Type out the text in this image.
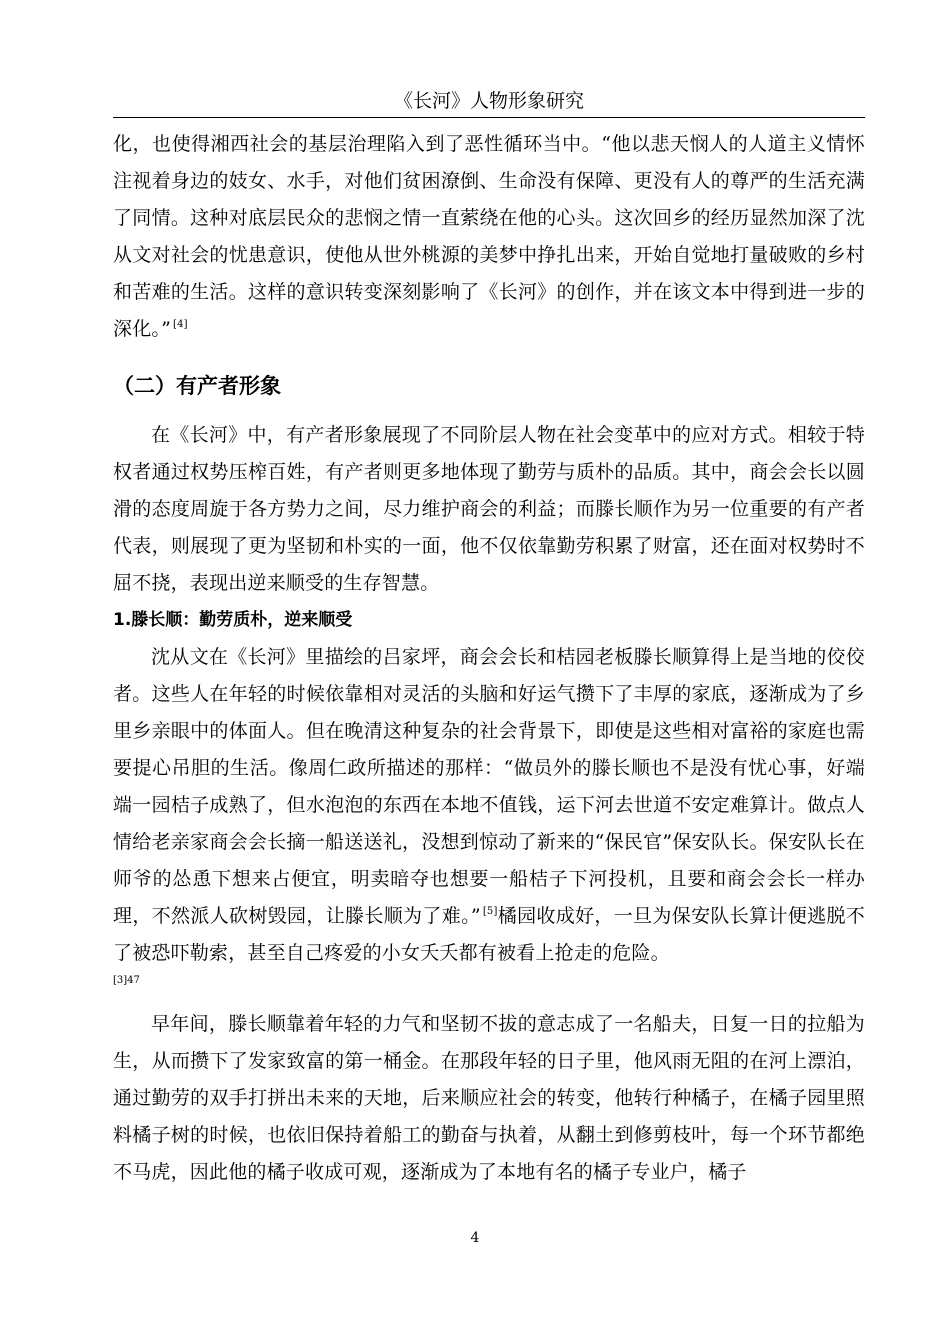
《长河》人物形象研究

化，也使得湘西社会的基层治理陷入到了恶性循环当中。“他以悲天悯人的人道主义情怀注视着身边的妓女、水手，对他们贫困潦倒、生命没有保障、更没有人的尊严的生活充满了同情。这种对底层民众的悲悯之情一直萦绕在他的心头。这次回乡的经历显然加深了沈从文对社会的忧患意识，使他从世外桃源的美梦中挣扎出来，开始自觉地打量破败的乡村和苦难的生活。这样的意识转变深刻影响了《长河》的创作，并在该文本中得到进一步的深化。” [4]

（二）有产者形象

在《长河》中，有产者形象展现了不同阶层人物在社会变革中的应对方式。相较于特权者通过权势压榨百姓，有产者则更多地体现了勤劳与质朴的品质。其中，商会会长以圆滑的态度周旋于各方势力之间，尽力维护商会的利益；而滕长顺作为另一位重要的有产者代表，则展现了更为坚韧和朴实的一面，他不仅依靠勤劳积累了财富，还在面对权势时不屈不挠，表现出逆来顺受的生存智慧。

1.滕长顺：勤劳质朴，逆来顺受

沈从文在《长河》里描绘的吕家坪，商会会长和桔园老板滕长顺算得上是当地的佼佼者。这些人在年轻的时候依靠相对灵活的头脑和好运气攒下了丰厚的家底，逐渐成为了乡里乡亲眼中的体面人。但在晚清这种复杂的社会背景下，即使是这些相对富裕的家庭也需要提心吊胆的生活。像周仁政所描述的那样：“做员外的滕长顺也不是没有忧心事，好端端一园桔子成熟了，但水泡泡的东西在本地不值钱，运下河去世道不安定难算计。做点人情给老亲家商会会长摘一船送送礼，没想到惊动了新来的“保民官”保安队长。保安队长在师爷的怂恿下想来占便宜，明卖暗夺也想要一船桔子下河投机，且要和商会会长一样办理，不然派人砍树毁园，让滕长顺为了难。” [5]橘园收成好，一旦为保安队长算计便逃脱不了被恐吓勒索，甚至自己疼爱的小女夭夭都有被看上抢走的危险。

[3]47

早年间，滕长顺靠着年轻的力气和坚韧不拔的意志成了一名船夫，日复一日的拉船为生，从而攒下了发家致富的第一桶金。在那段年轻的日子里，他风雨无阻的在河上漂泊，通过勤劳的双手打拼出未来的天地，后来顺应社会的转变，他转行种橘子，在橘子园里照料橘子树的时候，也依旧保持着船工的勤奋与执着，从翻土到修剪枝叶，每一个环节都绝不马虎，因此他的橘子收成可观，逐渐成为了本地有名的橘子专业户，橘子

4
